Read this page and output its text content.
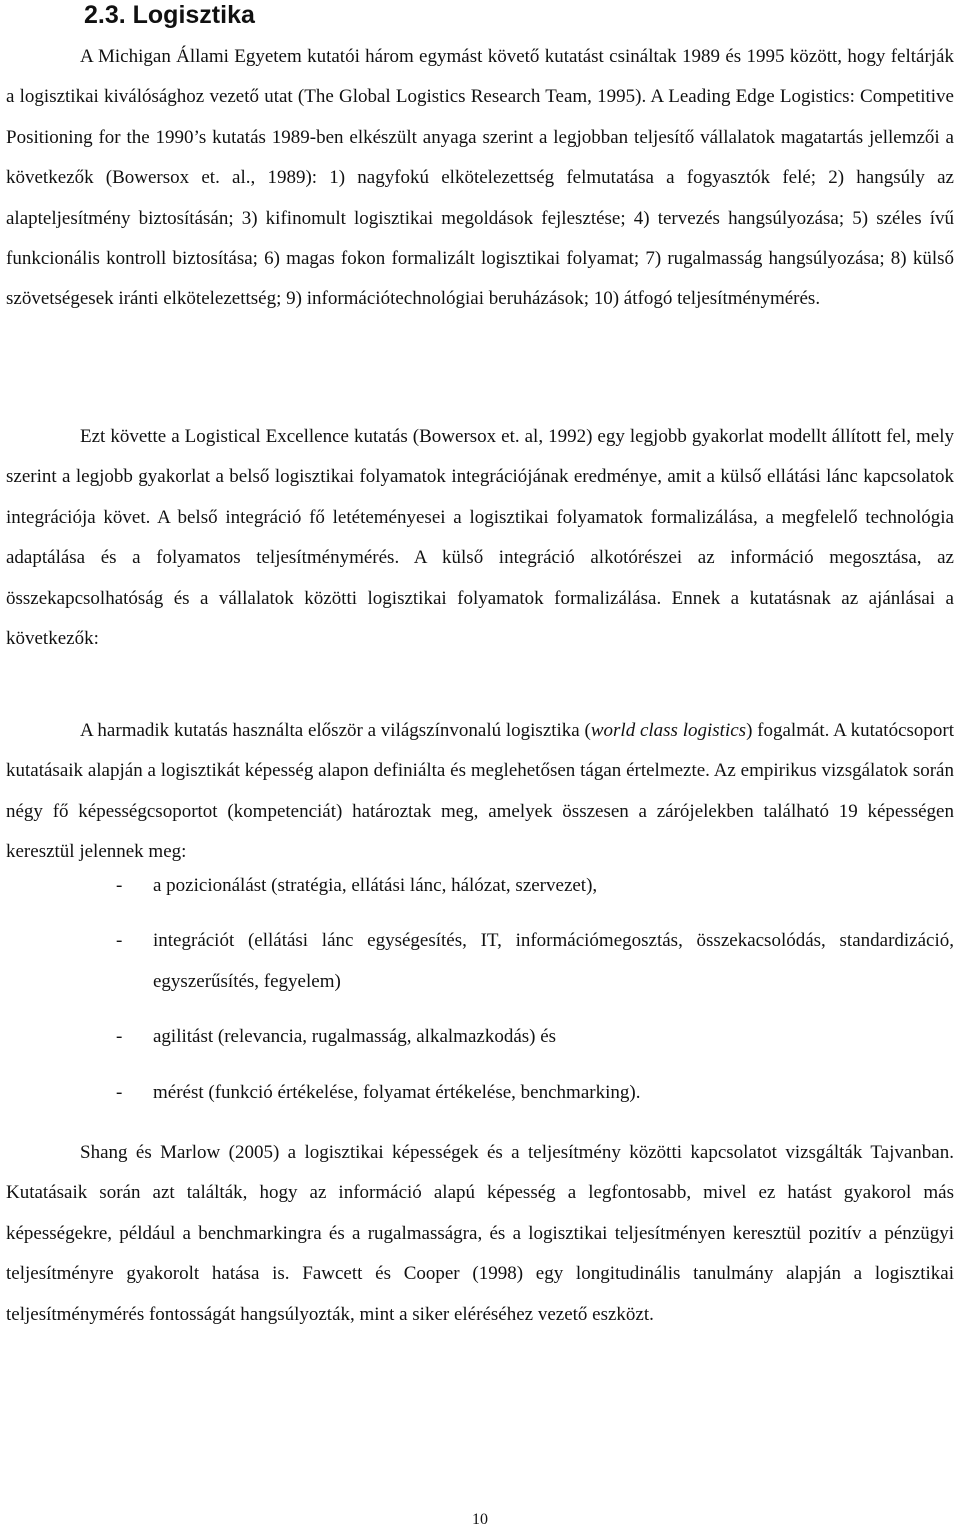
2.3. Logisztika

A Michigan Állami Egyetem kutatói három egymást követő kutatást csináltak 1989 és 1995 között, hogy feltárják a logisztikai kiválósághoz vezető utat (The Global Logistics Research Team, 1995). A Leading Edge Logistics: Competitive Positioning for the 1990’s kutatás 1989-ben elkészült anyaga szerint a legjobban teljesítő vállalatok magatartás jellemzői a következők (Bowersox et. al., 1989): 1) nagyfokú elkötelezettség felmutatása a fogyasztók felé; 2) hangsúly az alapteljesítmény biztosításán; 3) kifinomult logisztikai megoldások fejlesztése; 4) tervezés hangsúlyozása; 5) széles ívű funkcionális kontroll biztosítása; 6) magas fokon formalizált logisztikai folyamat; 7) rugalmasság hangsúlyozása; 8) külső szövetségesek iránti elkötelezettség; 9) információtechnológiai beruházások; 10) átfogó teljesítménymérés.

Ezt követte a Logistical Excellence kutatás (Bowersox et. al, 1992) egy legjobb gyakorlat modellt állított fel, mely szerint a legjobb gyakorlat a belső logisztikai folyamatok integrációjának eredménye, amit a külső ellátási lánc kapcsolatok integrációja követ. A belső integráció fő letéteményesei a logisztikai folyamatok formalizálása, a megfelelő technológia adaptálása és a folyamatos teljesítménymérés. A külső integráció alkotórészei az információ megosztása, az összekapcsolhatóság és a vállalatok közötti logisztikai folyamatok formalizálása. Ennek a kutatásnak az ajánlásai a következők:

A harmadik kutatás használta először a világszínvonalú logisztika (world class logistics) fogalmát. A kutatócsoport kutatásaik alapján a logisztikát képesség alapon definiálta és meglehetősen tágan értelmezte. Az empirikus vizsgálatok során négy fő képességcsoportot (kompetenciát) határoztak meg, amelyek összesen a zárójelekben található 19 képességen keresztül jelennek meg:

- a pozicionálást (stratégia, ellátási lánc, hálózat, szervezet),
- integrációt (ellátási lánc egységesítés, IT, információmegosztás, összekacsolódás, standardizáció, egyszerűsítés, fegyelem)
- agilitást (relevancia, rugalmasság, alkalmazkodás) és
- mérést (funkció értékelése, folyamat értékelése, benchmarking).

Shang és Marlow (2005) a logisztikai képességek és a teljesítmény közötti kapcsolatot vizsgálták Tajvanban. Kutatásaik során azt találták, hogy az információ alapú képesség a legfontosabb, mivel ez hatást gyakorol más képességekre, például a benchmarkingra és a rugalmasságra, és a logisztikai teljesítményen keresztül pozitív a pénzügyi teljesítményre gyakorolt hatása is. Fawcett és Cooper (1998) egy longitudinális tanulmány alapján a logisztikai teljesítménymérés fontosságát hangsúlyozták, mint a siker eléréséhez vezető eszközt.

10
